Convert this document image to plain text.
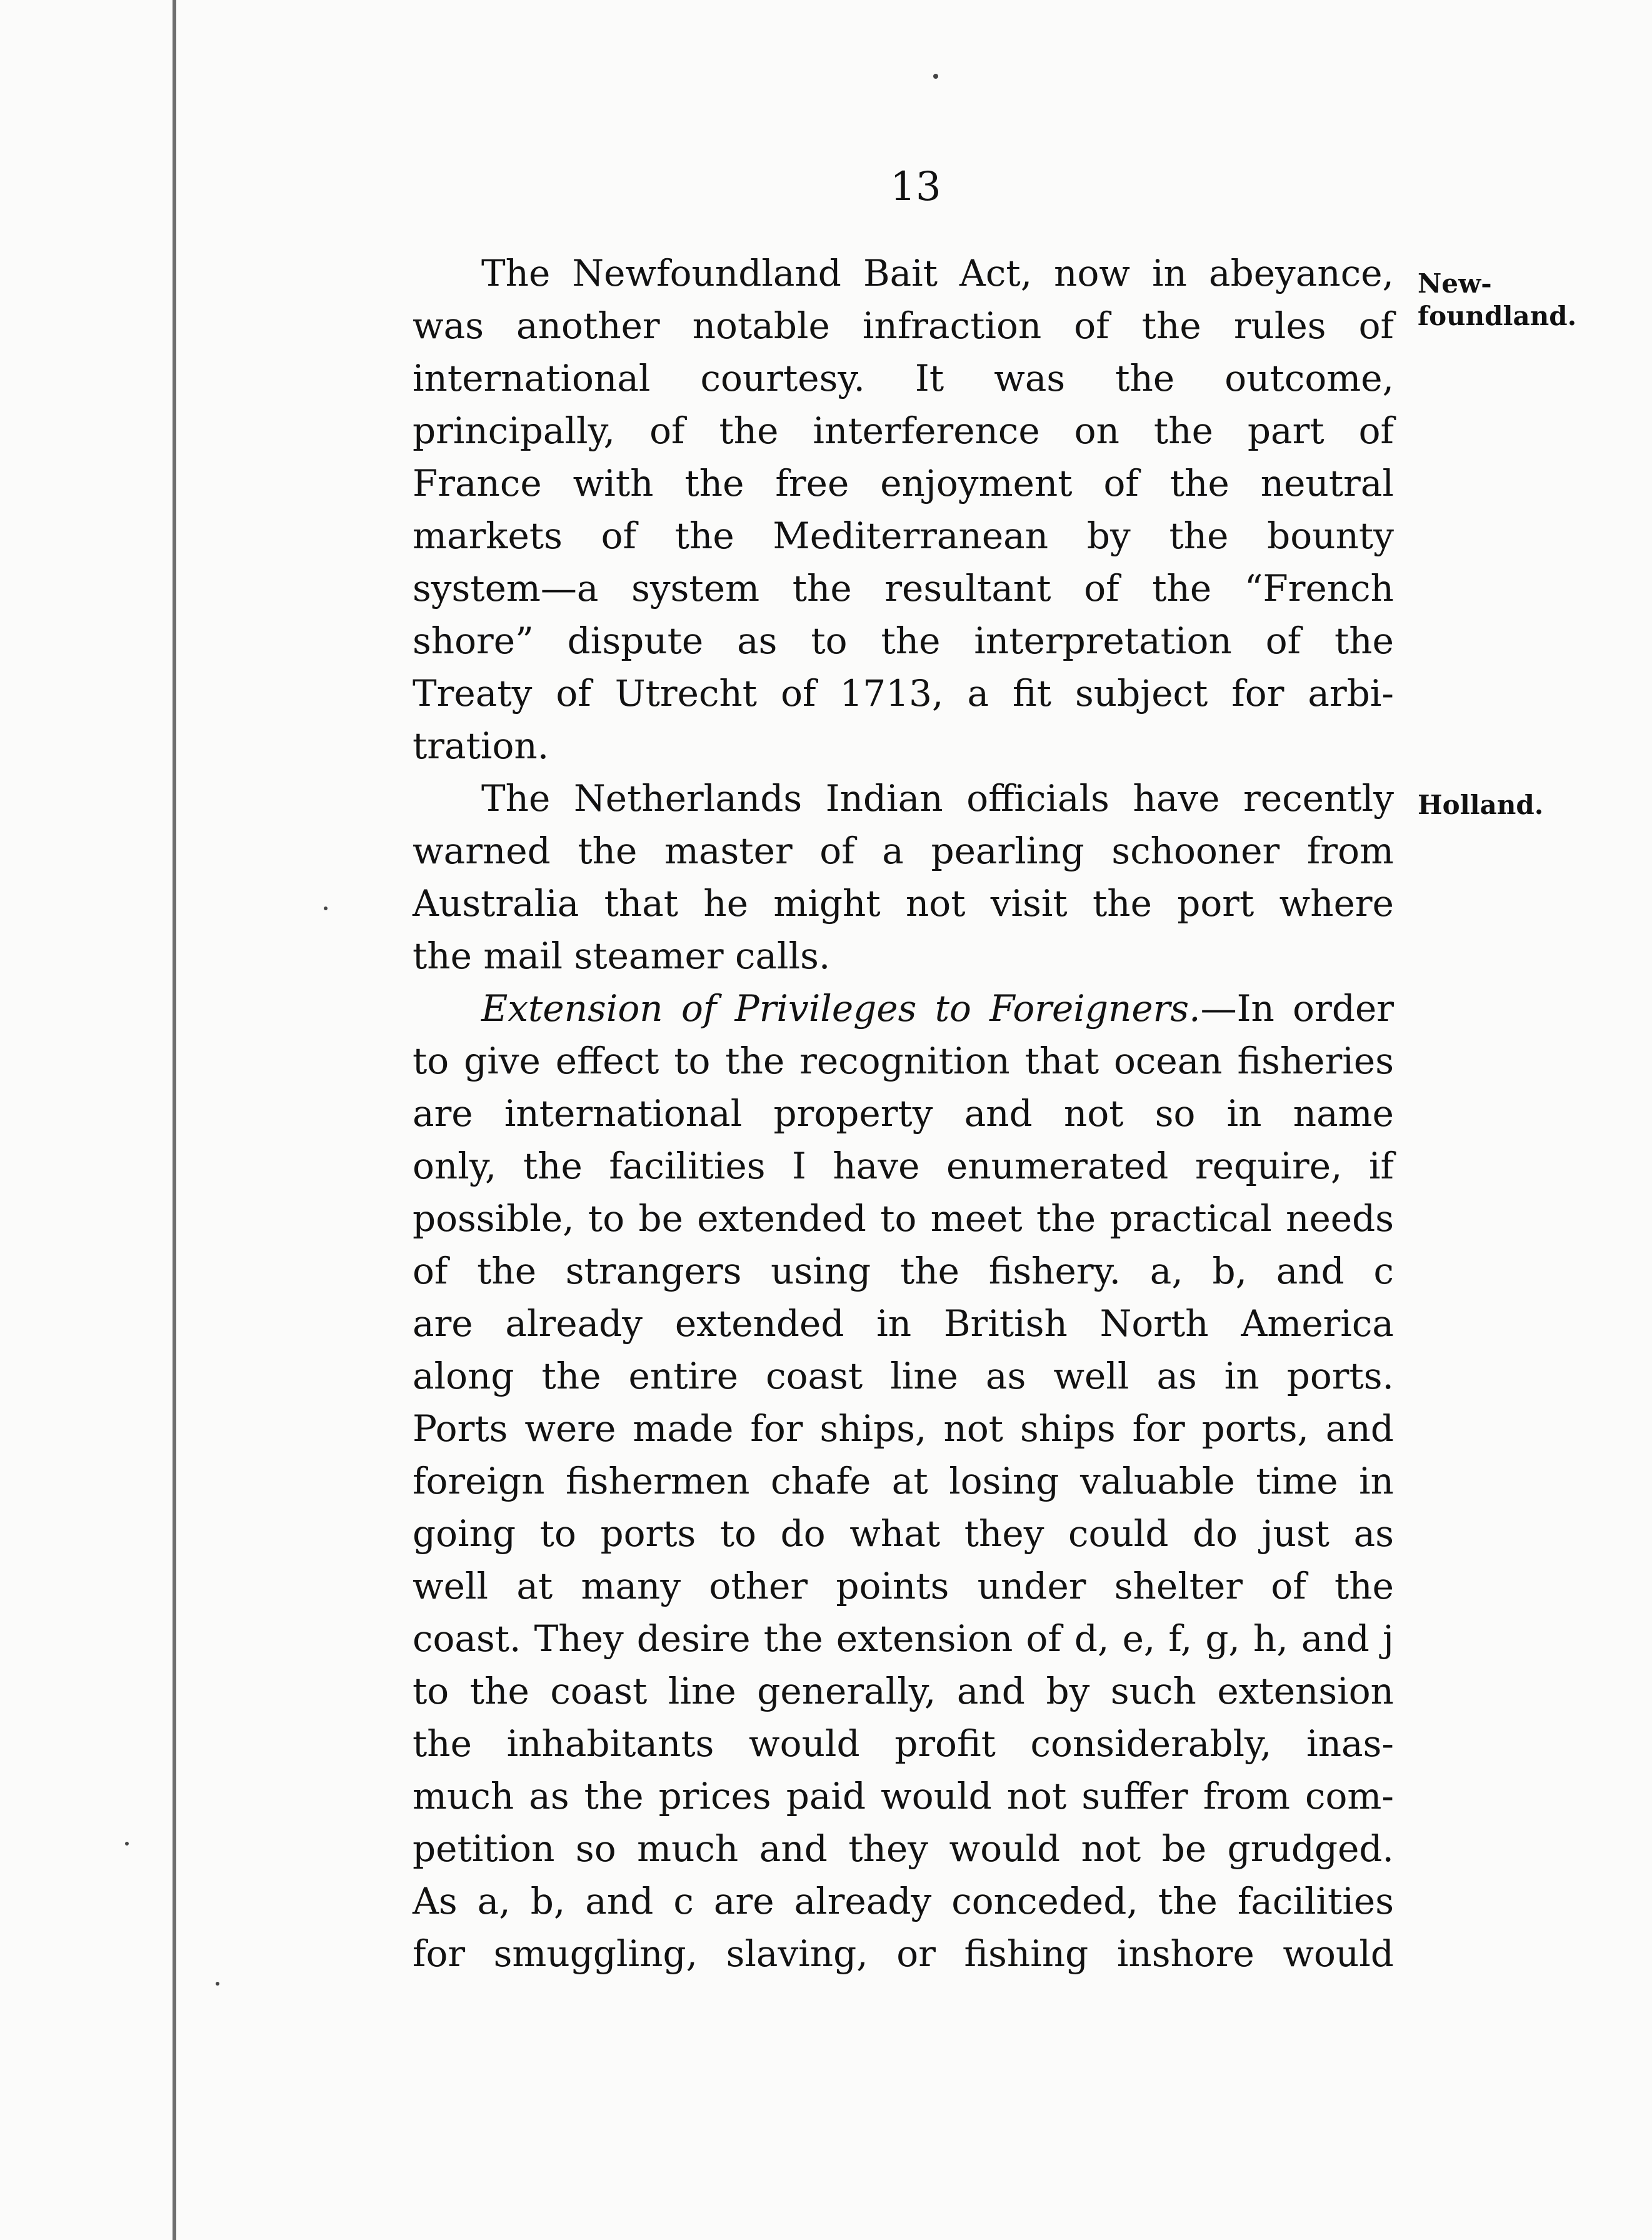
13
New-
foundland.
Holland.
The Newfoundland Bait Act, now in abeyance,
was another notable infraction of the rules of
international courtesy. It was the outcome,
principally, of the interference on the part of
France with the free enjoyment of the neutral
markets of the Mediterranean by the bounty
system—a system the resultant of the “French
shore” dispute as to the interpretation of the
Treaty of Utrecht of 1713, a fit subject for arbi-
tration.
The Netherlands Indian officials have recently
warned the master of a pearling schooner from
Australia that he might not visit the port where
the mail steamer calls.
Extension of Privileges to Foreigners.—In order
to give effect to the recognition that ocean fisheries
are international property and not so in name
only, the facilities I have enumerated require, if
possible, to be extended to meet the practical needs
of the strangers using the fishery. a, b, and c
are already extended in British North America
along the entire coast line as well as in ports.
Ports were made for ships, not ships for ports, and
foreign fishermen chafe at losing valuable time in
going to ports to do what they could do just as
well at many other points under shelter of the
coast. They desire the extension of d, e, f, g, h, and j
to the coast line generally, and by such extension
the inhabitants would profit considerably, inas-
much as the prices paid would not suffer from com-
petition so much and they would not be grudged.
As a, b, and c are already conceded, the facilities
for smuggling, slaving, or fishing inshore would
